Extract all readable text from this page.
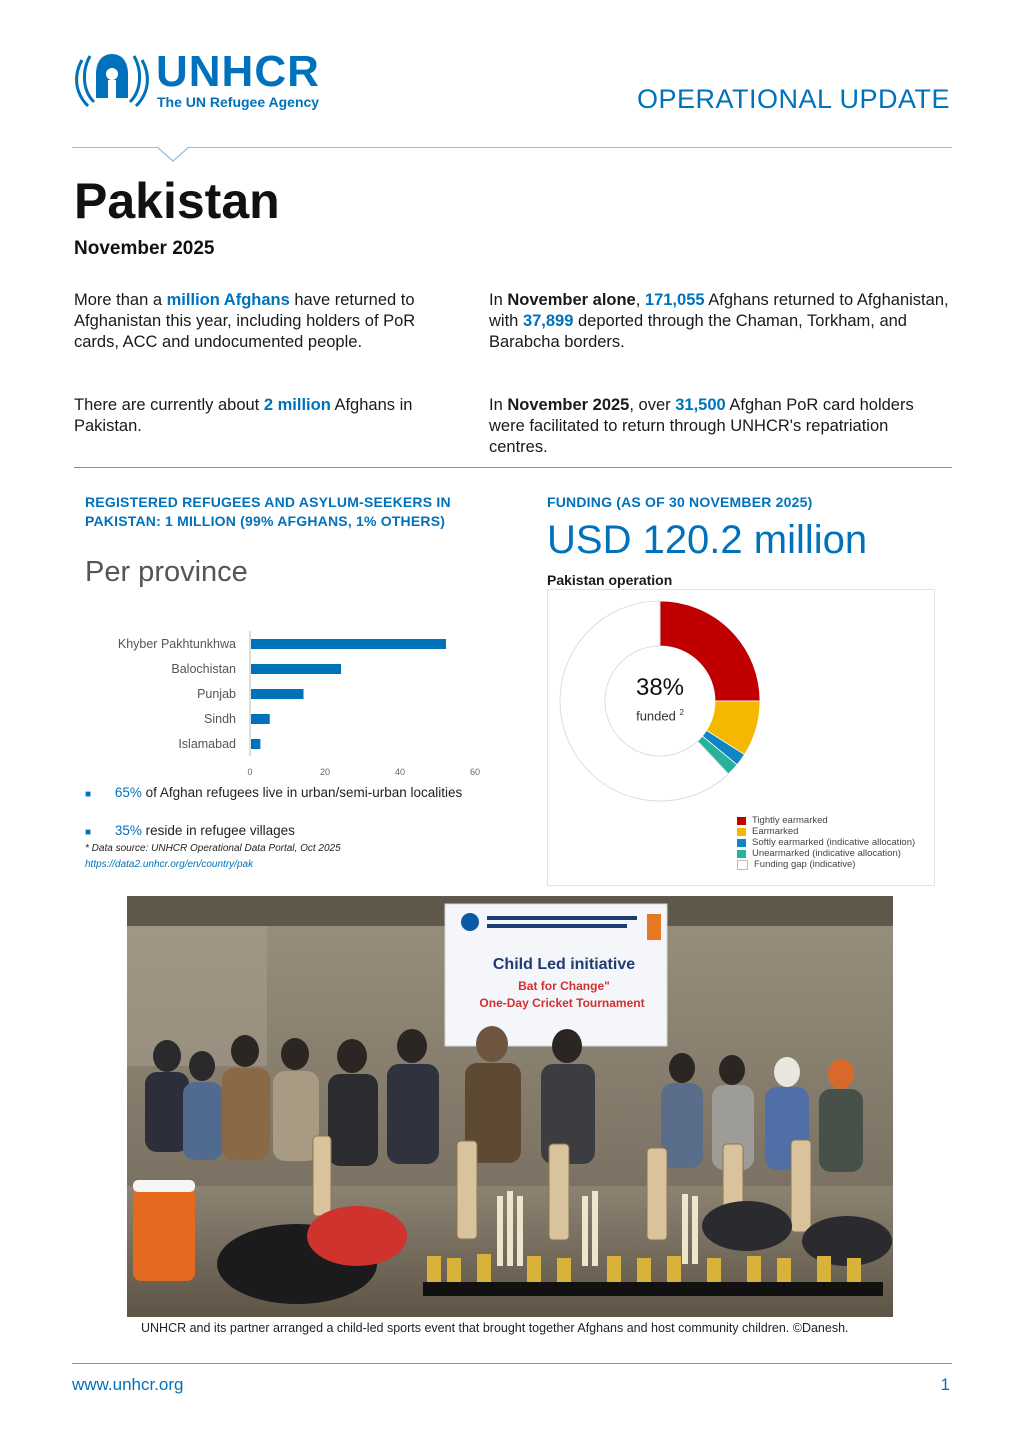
UNHCR
The UN Refugee Agency	OPERATIONAL UPDATE
Pakistan
November 2025
More than a million Afghans have returned to Afghanistan this year, including holders of PoR cards, ACC and undocumented people.
In November alone, 171,055 Afghans returned to Afghanistan, with 37,899 deported through the Chaman, Torkham, and Barabcha borders.
There are currently about 2 million Afghans in Pakistan.
In November 2025, over 31,500 Afghan PoR card holders were facilitated to return through UNHCR's repatriation centres.
REGISTERED REFUGEES AND ASYLUM-SEEKERS IN PAKISTAN: 1 MILLION (99% AFGHANS, 1% OTHERS)
Per province
Khyber Pakhtunkhwa
Balochistan
Punjab
Sindh
Islamabad
0	20	40	60
■ 65% of Afghan refugees live in urban/semi-urban localities
■ 35% reside in refugee villages
* Data source: UNHCR Operational Data Portal, Oct 2025
https://data2.unhcr.org/en/country/pak
FUNDING (AS OF 30 NOVEMBER 2025)
USD 120.2 million
Pakistan operation
38%
funded $^2$
Tightly earmarked
Earmarked
Softly earmarked (indicative allocation)
Unearmarked (indicative allocation)
Funding gap (indicative)
Child Led initiative
Bat for Change"
One-Day Cricket Tournament
UNHCR and its partner arranged a child-led sports event that brought together Afghans and host community children. ©Danesh.
www.unhcr.org	1
